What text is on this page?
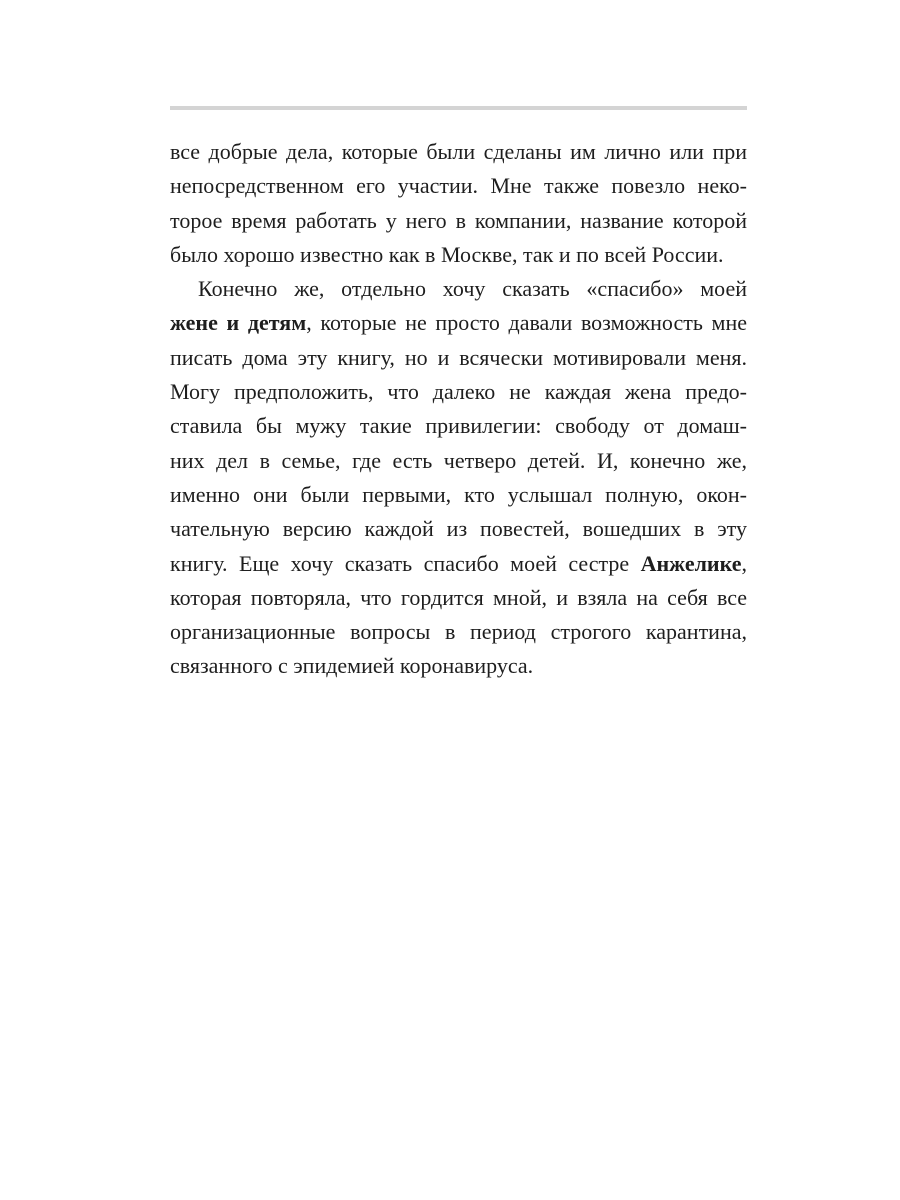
все добрые дела, которые были сделаны им лично или при
непосредственном его участии. Мне также повезло неко-
торое время работать у него в компании, название которой
было хорошо известно как в Москве, так и по всей России.
Конечно же, отдельно хочу сказать «спасибо» моей
жене и детям, которые не просто давали возможность мне
писать дома эту книгу, но и всячески мотивировали меня.
Могу предположить, что далеко не каждая жена предо-
ставила бы мужу такие привилегии: свободу от домаш-
них дел в семье, где есть четверо детей. И, конечно же,
именно они были первыми, кто услышал полную, окон-
чательную версию каждой из повестей, вошедших в эту
книгу. Еще хочу сказать спасибо моей сестре Анжелике,
которая повторяла, что гордится мной, и взяла на себя все
организационные вопросы в период строгого карантина,
связанного с эпидемией коронавируса.
